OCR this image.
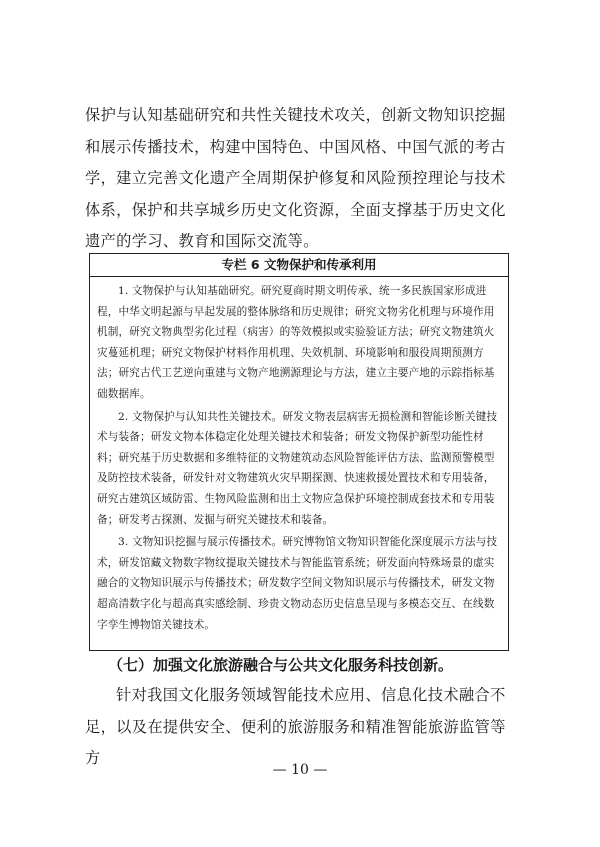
保护与认知基础研究和共性关键技术攻关，创新文物知识挖掘和展示传播技术，构建中国特色、中国风格、中国气派的考古学，建立完善文化遗产全周期保护修复和风险预控理论与技术体系，保护和共享城乡历史文化资源，全面支撑基于历史文化遗产的学习、教育和国际交流等。

专栏 6 文物保护和传承利用

1. 文物保护与认知基础研究。研究夏商时期文明传承、统一多民族国家形成进程，中华文明起源与早起发展的整体脉络和历史规律；研究文物劣化机理与环境作用机制，研究文物典型劣化过程（病害）的等效模拟或实验验证方法；研究文物建筑火灾蔓延机理；研究文物保护材料作用机理、失效机制、环境影响和服役周期预测方法；研究古代工艺逆向重建与文物产地溯源理论与方法，建立主要产地的示踪指标基础数据库。

2. 文物保护与认知共性关键技术。研发文物表层病害无损检测和智能诊断关键技术与装备；研发文物本体稳定化处理关键技术和装备；研发文物保护新型功能性材料；研究基于历史数据和多维特征的文物建筑动态风险智能评估方法、监测预警模型及防控技术装备，研发针对文物建筑火灾早期探测、快速救援处置技术和专用装备，研究古建筑区域防雷、生物风险监测和出土文物应急保护环境控制成套技术和专用装备；研发考古探测、发掘与研究关键技术和装备。

3. 文物知识挖掘与展示传播技术。研究博物馆文物知识智能化深度展示方法与技术，研发馆藏文物数字物纹提取关键技术与智能监管系统；研发面向特殊场景的虚实融合的文物知识展示与传播技术；研发数字空间文物知识展示与传播技术，研发文物超高清数字化与超高真实感绘制、珍贵文物动态历史信息呈现与多模态交互、在线数字孪生博物馆关键技术。

（七）加强文化旅游融合与公共文化服务科技创新。

针对我国文化服务领域智能技术应用、信息化技术融合不足，以及在提供安全、便利的旅游服务和精准智能旅游监管等方

— 10 —
